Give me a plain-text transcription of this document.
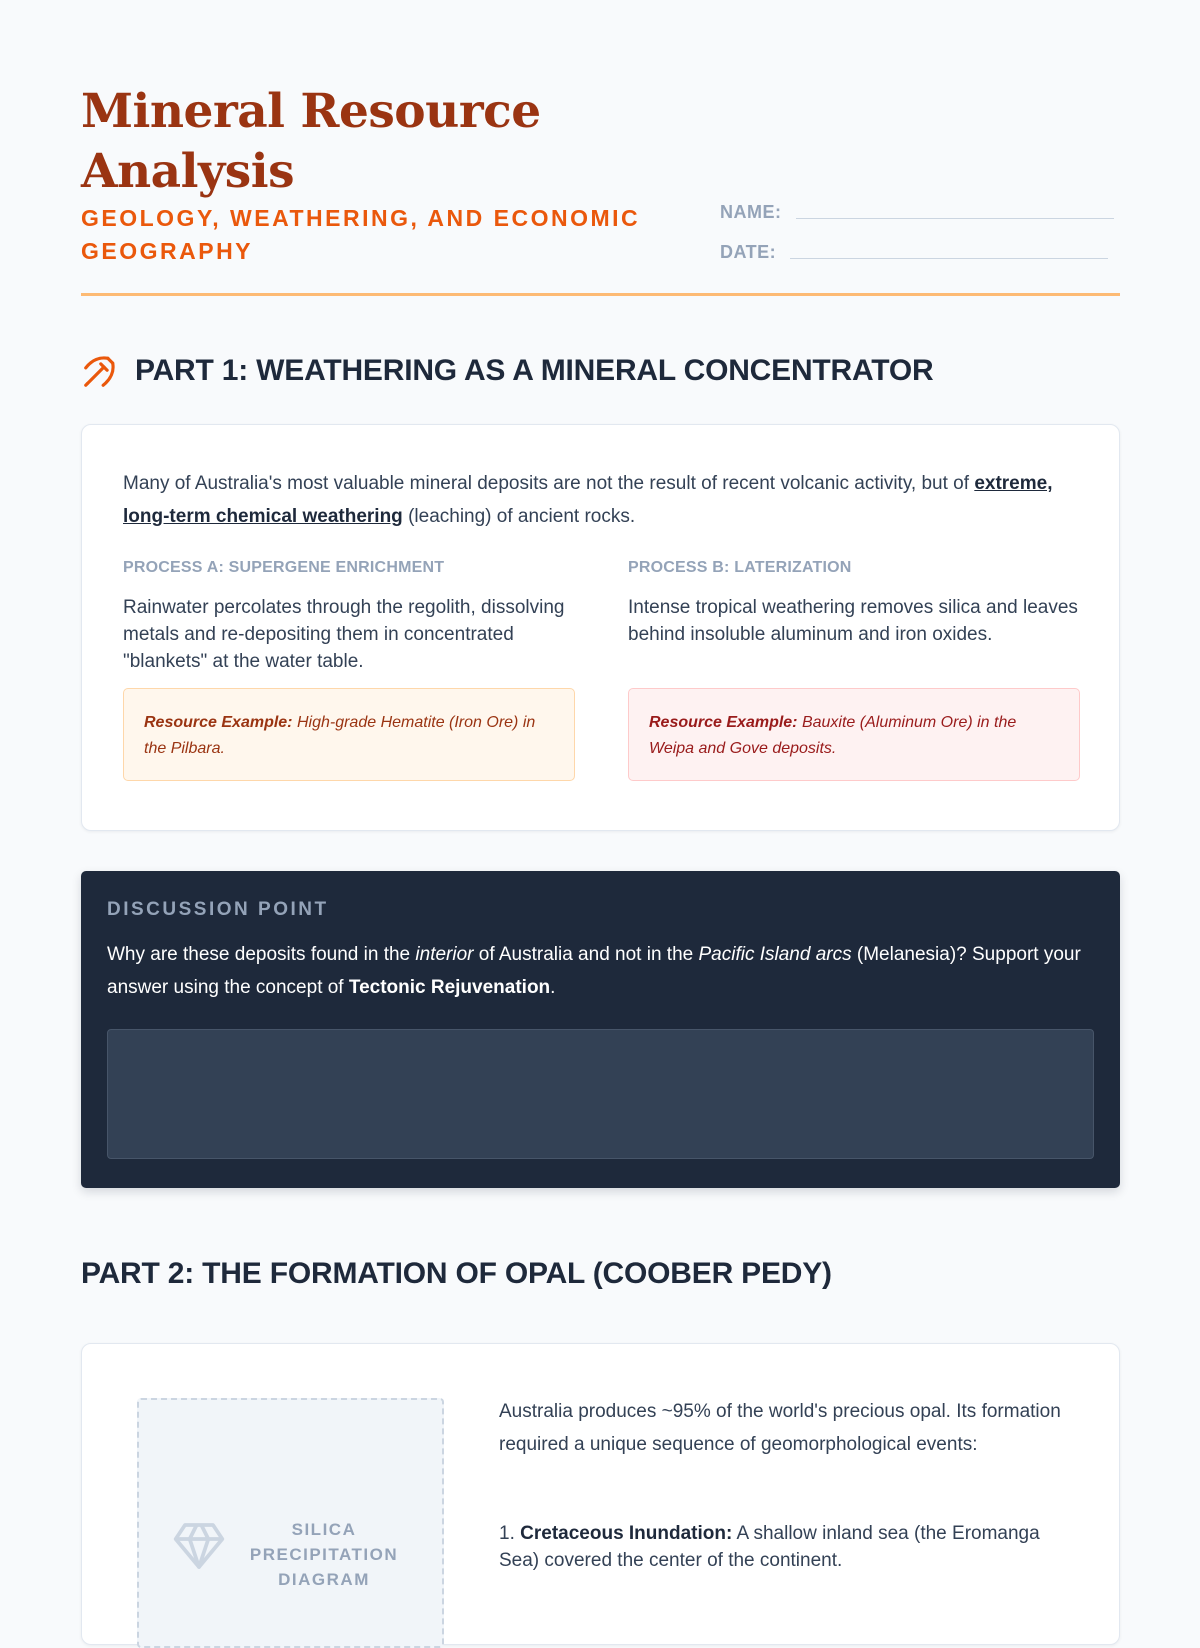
Mineral Resource Analysis
GEOLOGY, WEATHERING, AND ECONOMIC GEOGRAPHY
NAME:
DATE:
PART 1: WEATHERING AS A MINERAL CONCENTRATOR

Many of Australia's most valuable mineral deposits are not the result of recent volcanic activity, but of extreme, long-term chemical weathering (leaching) of ancient rocks.

PROCESS A: SUPERGENE ENRICHMENT

Rainwater percolates through the regolith, dissolving metals and re-depositing them in concentrated "blankets" at the water table.

Resource Example: High-grade Hematite (Iron Ore) in the Pilbara.
PROCESS B: LATERIZATION

Intense tropical weathering removes silica and leaves behind insoluble aluminum and iron oxides.

Resource Example: Bauxite (Aluminum Ore) in the Weipa and Gove deposits.
DISCUSSION POINT

Why are these deposits found in the interior of Australia and not in the Pacific Island arcs (Melanesia)? Support your answer using the concept of Tectonic Rejuvenation.

PART 2: THE FORMATION OF OPAL (COOBER PEDY)
SILICA PRECIPITATION DIAGRAM

Australia produces ~95% of the world's precious opal. Its formation required a unique sequence of geomorphological events:

1. Cretaceous Inundation: A shallow inland sea (the Eromanga Sea) covered the center of the continent.
